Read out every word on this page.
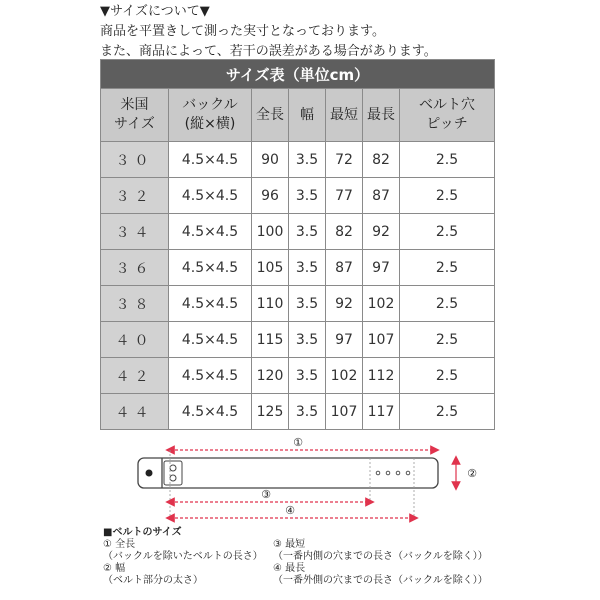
▼サイズについて▼
商品を平置きして測った実寸となっております。
また、商品によって、若干の誤差がある場合があります。
サイズ表（単位cm）						

米国
サイズ	バックル
(縦×横)	全長	幅	最短	最長	ベルト穴
ピッチ

３０	4.5×4.5	90	3.5	72	82	2.5
３２	4.5×4.5	96	3.5	77	87	2.5
３４	4.5×4.5	100	3.5	82	92	2.5
３６	4.5×4.5	105	3.5	87	97	2.5
３８	4.5×4.5	110	3.5	92	102	2.5
４０	4.5×4.5	115	3.5	97	107	2.5
４２	4.5×4.5	120	3.5	102	112	2.5
４４	4.5×4.5	125	3.5	107	117	2.5
①
②
③
④
■ベルトのサイズ
① 全長
（バックルを除いたベルトの長さ）
② 幅
（ベルト部分の太さ）
③ 最短
（一番内側の穴までの長さ（バックルを除く））
④ 最長
（一番外側の穴までの長さ（バックルを除く））
